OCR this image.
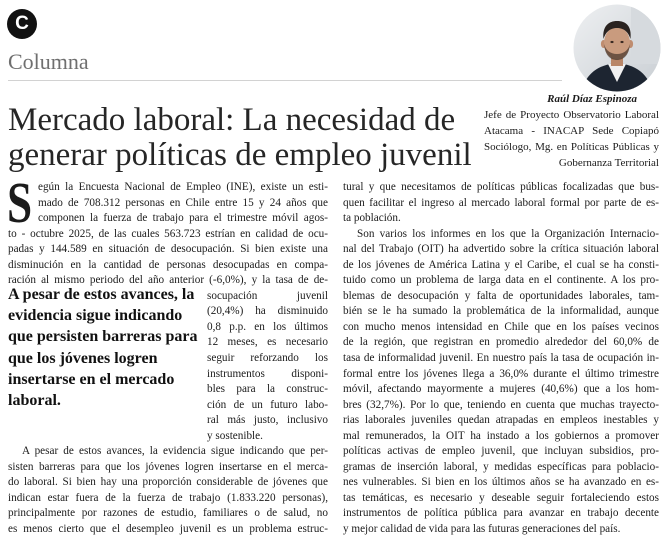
C
Columna
Raúl Díaz Espinoza
Jefe de Proyecto Observatorio Laboral
Atacama - INACAP Sede Copiapó
Sociólogo, Mg. en Políticas Públicas y
Gobernanza Territorial
Mercado laboral: La necesidad de
generar políticas de empleo juvenil
S egún la Encuesta Nacional de Empleo (INE), existe un esti-
mado de 708.312 personas en Chile entre 15 y 24 años que
componen la fuerza de trabajo para el trimestre móvil agos-
to - octubre 2025, de las cuales 563.723 estrían en calidad de ocu-
padas y 144.589 en situación de desocupación. Si bien existe una
disminución en la cantidad de personas desocupadas en compa-
ración al mismo periodo del año anterior (-6,0%), y la tasa de de-
socupación juvenil
(20,4%) ha disminuido
0,8 p.p. en los últimos
12 meses, es necesario
seguir reforzando los
instrumentos disponi-
bles para la construc-
ción de un futuro labo-
ral más justo, inclusivo
y sostenible.
A pesar de estos avances, la evidencia sigue indicando que per-
sisten barreras para que los jóvenes logren insertarse en el merca-
do laboral. Si bien hay una proporción considerable de jóvenes que
indican estar fuera de la fuerza de trabajo (1.833.220 personas),
principalmente por razones de estudio, familiares o de salud, no
es menos cierto que el desempleo juvenil es un problema estruc-
A pesar de estos avances, la
evidencia sigue indicando
que persisten barreras para
que los jóvenes logren
insertarse en el mercado
laboral.
tural y que necesitamos de políticas públicas focalizadas que bus-
quen facilitar el ingreso al mercado laboral formal por parte de es-
ta población.
Son varios los informes en los que la Organización Internacio-
nal del Trabajo (OIT) ha advertido sobre la crítica situación laboral
de los jóvenes de América Latina y el Caribe, el cual se ha consti-
tuido como un problema de larga data en el continente. A los pro-
blemas de desocupación y falta de oportunidades laborales, tam-
bién se le ha sumado la problemática de la informalidad, aunque
con mucho menos intensidad en Chile que en los países vecinos
de la región, que registran en promedio alrededor del 60,0% de
tasa de informalidad juvenil. En nuestro país la tasa de ocupación in-
formal entre los jóvenes llega a 36,0% durante el último trimestre
móvil, afectando mayormente a mujeres (40,6%) que a los hom-
bres (32,7%). Por lo que, teniendo en cuenta que muchas trayecto-
rias laborales juveniles quedan atrapadas en empleos inestables y
mal remunerados, la OIT ha instado a los gobiernos a promover
políticas activas de empleo juvenil, que incluyan subsidios, pro-
gramas de inserción laboral, y medidas específicas para poblacio-
nes vulnerables. Si bien en los últimos años se ha avanzado en es-
tas temáticas, es necesario y deseable seguir fortaleciendo estos
instrumentos de política pública para avanzar en trabajo decente
y mejor calidad de vida para las futuras generaciones del país.
